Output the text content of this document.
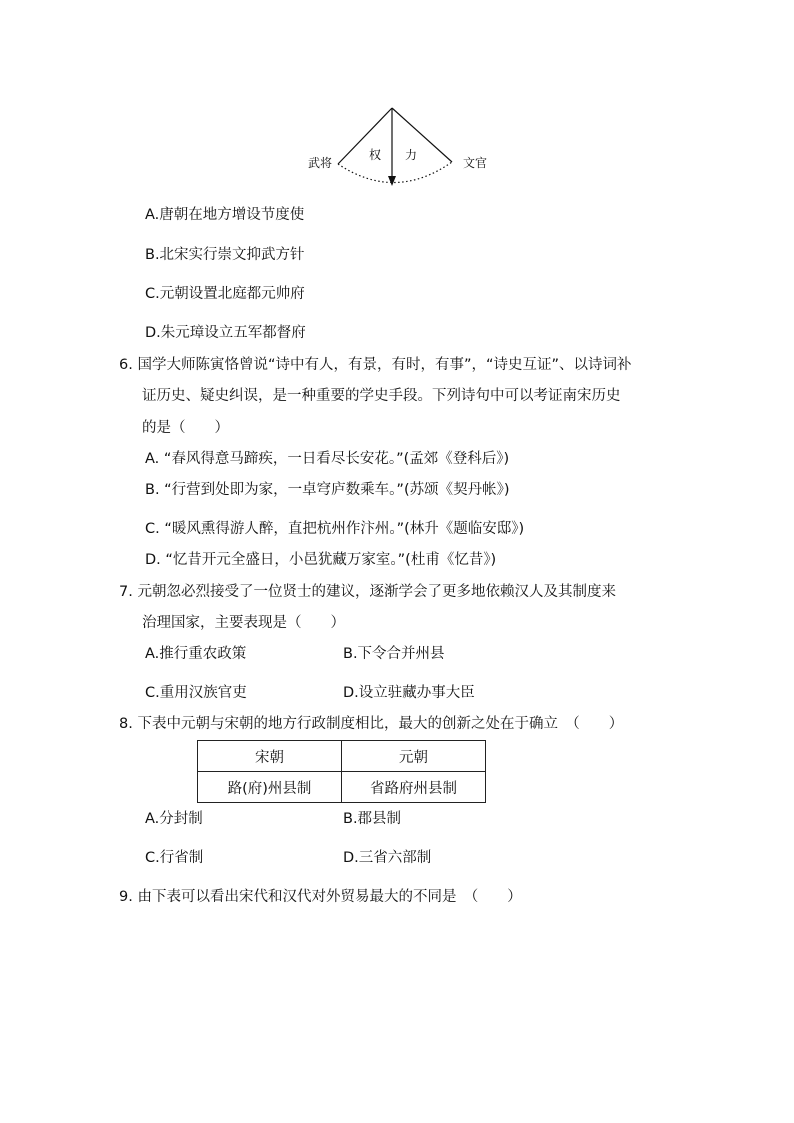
武将
权 力
文官
A.唐朝在地方增设节度使
B.北宋实行崇文抑武方针
C.元朝设置北庭都元帅府
D.朱元璋设立五军都督府
6. 国学大师陈寅恪曾说“诗中有人，有景，有时，有事”，“诗史互证”、以诗词补
证历史、疑史纠误，是一种重要的学史手段。下列诗句中可以考证南宋历史
的是（　　）
A. “春风得意马蹄疾，一日看尽长安花。”(孟郊《登科后》)
B. “行营到处即为家，一卓穹庐数乘车。”(苏颂《契丹帐》)
C. “暖风熏得游人醉，直把杭州作汴州。”(林升《题临安邸》)
D. “忆昔开元全盛日，小邑犹藏万家室。”(杜甫《忆昔》)
7. 元朝忽必烈接受了一位贤士的建议，逐渐学会了更多地依赖汉人及其制度来
治理国家，主要表现是（　　）
A.推行重农政策	B.下令合并州县
C.重用汉族官吏	D.设立驻藏办事大臣
8. 下表中元朝与宋朝的地方行政制度相比，最大的创新之处在于确立　（　　）
宋朝	元朝
路(府)州县制	省路府州县制
A.分封制	B.郡县制
C.行省制	D.三省六部制
9. 由下表可以看出宋代和汉代对外贸易最大的不同是　（　　）
